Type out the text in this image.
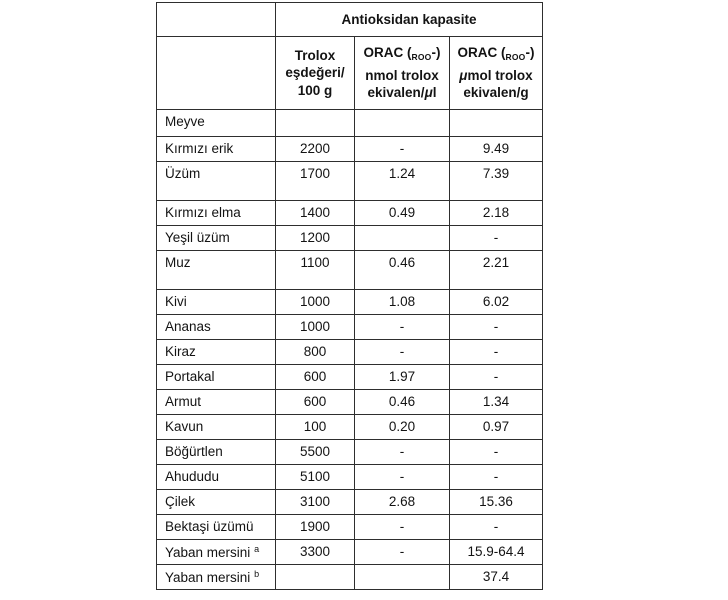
	Antioksidan kapasite		
	Trolox
eşdeğeri/
100 g	ORAC $(_{ROO}-)$
nmol trolox
ekivalen/μl	ORAC $(_{ROO}-)$
μmol trolox
ekivalen/g
Meyve			
Kırmızı erik	2200	-	9.49
Üzüm	1700	1.24	7.39
Kırmızı elma	1400	0.49	2.18
Yeşil üzüm	1200		-
Muz	1100	0.46	2.21
Kivi	1000	1.08	6.02
Ananas	1000	-	-
Kiraz	800	-	-
Portakal	600	1.97	-
Armut	600	0.46	1.34
Kavun	100	0.20	0.97
Böğürtlen	5500	-	-
Ahududu	5100	-	-
Çilek	3100	2.68	15.36
Bektaşi üzümü	1900	-	-
Yaban mersini $^a$	3300	-	15.9-64.4
Yaban mersini $^b$			37.4
